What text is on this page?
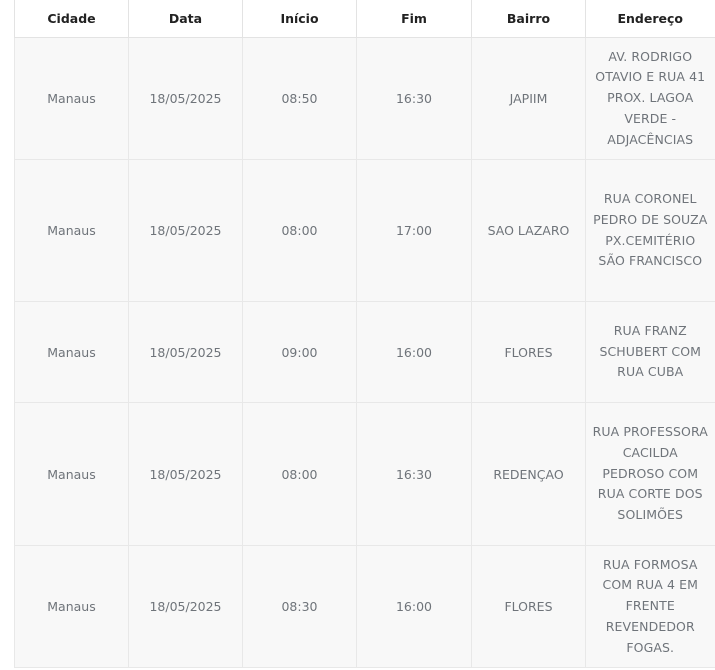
Cidade	Data	Início	Fim	Bairro	Endereço
Manaus	18/05/2025	08:50	16:30	JAPIIM	AV. RODRIGO OTAVIO E RUA 41 PROX. LAGOA VERDE - ADJACÊNCIAS
Manaus	18/05/2025	08:00	17:00	SAO LAZARO	RUA CORONEL PEDRO DE SOUZA PX.CEMITÉRIO SÃO FRANCISCO
Manaus	18/05/2025	09:00	16:00	FLORES	RUA FRANZ SCHUBERT COM RUA CUBA
Manaus	18/05/2025	08:00	16:30	REDENÇAO	RUA PROFESSORA CACILDA PEDROSO COM RUA CORTE DOS SOLIMÕES
Manaus	18/05/2025	08:30	16:00	FLORES	RUA FORMOSA COM RUA 4 EM FRENTE REVENDEDOR FOGAS.
